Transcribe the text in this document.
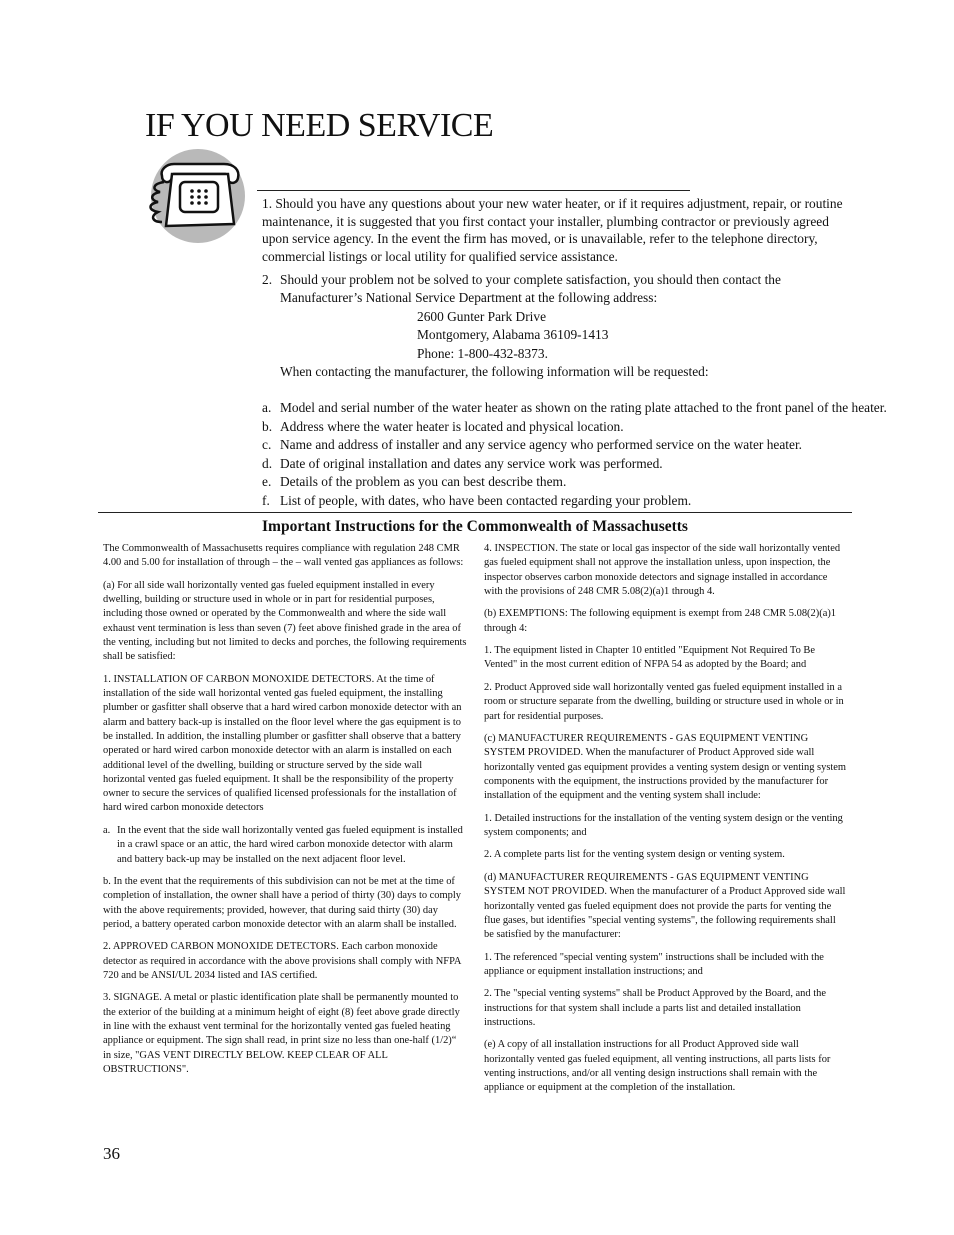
IF YOU NEED SERVICE
1. Should you have any questions about your new water heater, or if it requires adjustment, repair, or routine maintenance, it is suggested that you first contact your installer, plumbing contractor or previously agreed upon service agency. In the event the firm has moved, or is unavailable, refer to the telephone directory, commercial listings or local utility for qualified service assistance.
2. Should your problem not be solved to your complete satisfaction, you should then contact the Manufacturer’s National Service Department at the following address:
2600 Gunter Park Drive
Montgomery, Alabama 36109-1413
Phone: 1-800-432-8373.
When contacting the manufacturer, the following information will be requested:
a. Model and serial number of the water heater as shown on the rating plate attached to the front panel of the heater.
b. Address where the water heater is located and physical location.
c. Name and address of installer and any service agency who performed service on the water heater.
d. Date of original installation and dates any service work was performed.
e. Details of the problem as you can best describe them.
f. List of people, with dates, who have been contacted regarding your problem.
Important Instructions for the Commonwealth of Massachusetts

The Commonwealth of Massachusetts requires compliance with regulation 248 CMR 4.00 and 5.00 for installation of through – the – wall vented gas appliances as follows:

(a) For all side wall horizontally vented gas fueled equipment installed in every dwelling, building or structure used in whole or in part for residential purposes, including those owned or operated by the Commonwealth and where the side wall exhaust vent termination is less than seven (7) feet above finished grade in the area of the venting, including but not limited to decks and porches, the following requirements shall be satisfied:

1. INSTALLATION OF CARBON MONOXIDE DETECTORS. At the time of installation of the side wall horizontal vented gas fueled equipment, the installing plumber or gasfitter shall observe that a hard wired carbon monoxide detector with an alarm and battery back-up is installed on the floor level where the gas equipment is to be installed. In addition, the installing plumber or gasfitter shall observe that a battery operated or hard wired carbon monoxide detector with an alarm is installed on each additional level of the dwelling, building or structure served by the side wall horizontal vented gas fueled equipment. It shall be the responsibility of the property owner to secure the services of qualified licensed professionals for the installation of hard wired carbon monoxide detectors

a. In the event that the side wall horizontally vented gas fueled equipment is installed in a crawl space or an attic, the hard wired carbon monoxide detector with alarm and battery back-up may be installed on the next adjacent floor level.

b. In the event that the requirements of this subdivision can not be met at the time of completion of installation, the owner shall have a period of thirty (30) days to comply with the above requirements; provided, however, that during said thirty (30) day period, a battery operated carbon monoxide detector with an alarm shall be installed.

2. APPROVED CARBON MONOXIDE DETECTORS. Each carbon monoxide detector as required in accordance with the above provisions shall comply with NFPA 720 and be ANSI/UL 2034 listed and IAS certified.

3. SIGNAGE. A metal or plastic identification plate shall be permanently mounted to the exterior of the building at a minimum height of eight (8) feet above grade directly in line with the exhaust vent terminal for the horizontally vented gas fueled heating appliance or equipment. The sign shall read, in print size no less than one-half (1/2)“ in size, "GAS VENT DIRECTLY BELOW. KEEP CLEAR OF ALL OBSTRUCTIONS".

4. INSPECTION. The state or local gas inspector of the side wall horizontally vented gas fueled equipment shall not approve the installation unless, upon inspection, the inspector observes carbon monoxide detectors and signage installed in accordance with the provisions of 248 CMR 5.08(2)(a)1 through 4.

(b) EXEMPTIONS: The following equipment is exempt from 248 CMR 5.08(2)(a)1 through 4:

1. The equipment listed in Chapter 10 entitled "Equipment Not Required To Be Vented" in the most current edition of NFPA 54 as adopted by the Board; and

2. Product Approved side wall horizontally vented gas fueled equipment installed in a room or structure separate from the dwelling, building or structure used in whole or in part for residential purposes.

(c) MANUFACTURER REQUIREMENTS - GAS EQUIPMENT VENTING SYSTEM PROVIDED. When the manufacturer of Product Approved side wall horizontally vented gas equipment provides a venting system design or venting system components with the equipment, the instructions provided by the manufacturer for installation of the equipment and the venting system shall include:

1. Detailed instructions for the installation of the venting system design or the venting system components; and

2. A complete parts list for the venting system design or venting system.

(d) MANUFACTURER REQUIREMENTS - GAS EQUIPMENT VENTING SYSTEM NOT PROVIDED. When the manufacturer of a Product Approved side wall horizontally vented gas fueled equipment does not provide the parts for venting the flue gases, but identifies "special venting systems", the following requirements shall be satisfied by the manufacturer:

1. The referenced "special venting system" instructions shall be included with the appliance or equipment installation instructions; and

2. The "special venting systems" shall be Product Approved by the Board, and the instructions for that system shall include a parts list and detailed installation instructions.

(e) A copy of all installation instructions for all Product Approved side wall horizontally vented gas fueled equipment, all venting instructions, all parts lists for venting instructions, and/or all venting design instructions shall remain with the appliance or equipment at the completion of the installation.

36
